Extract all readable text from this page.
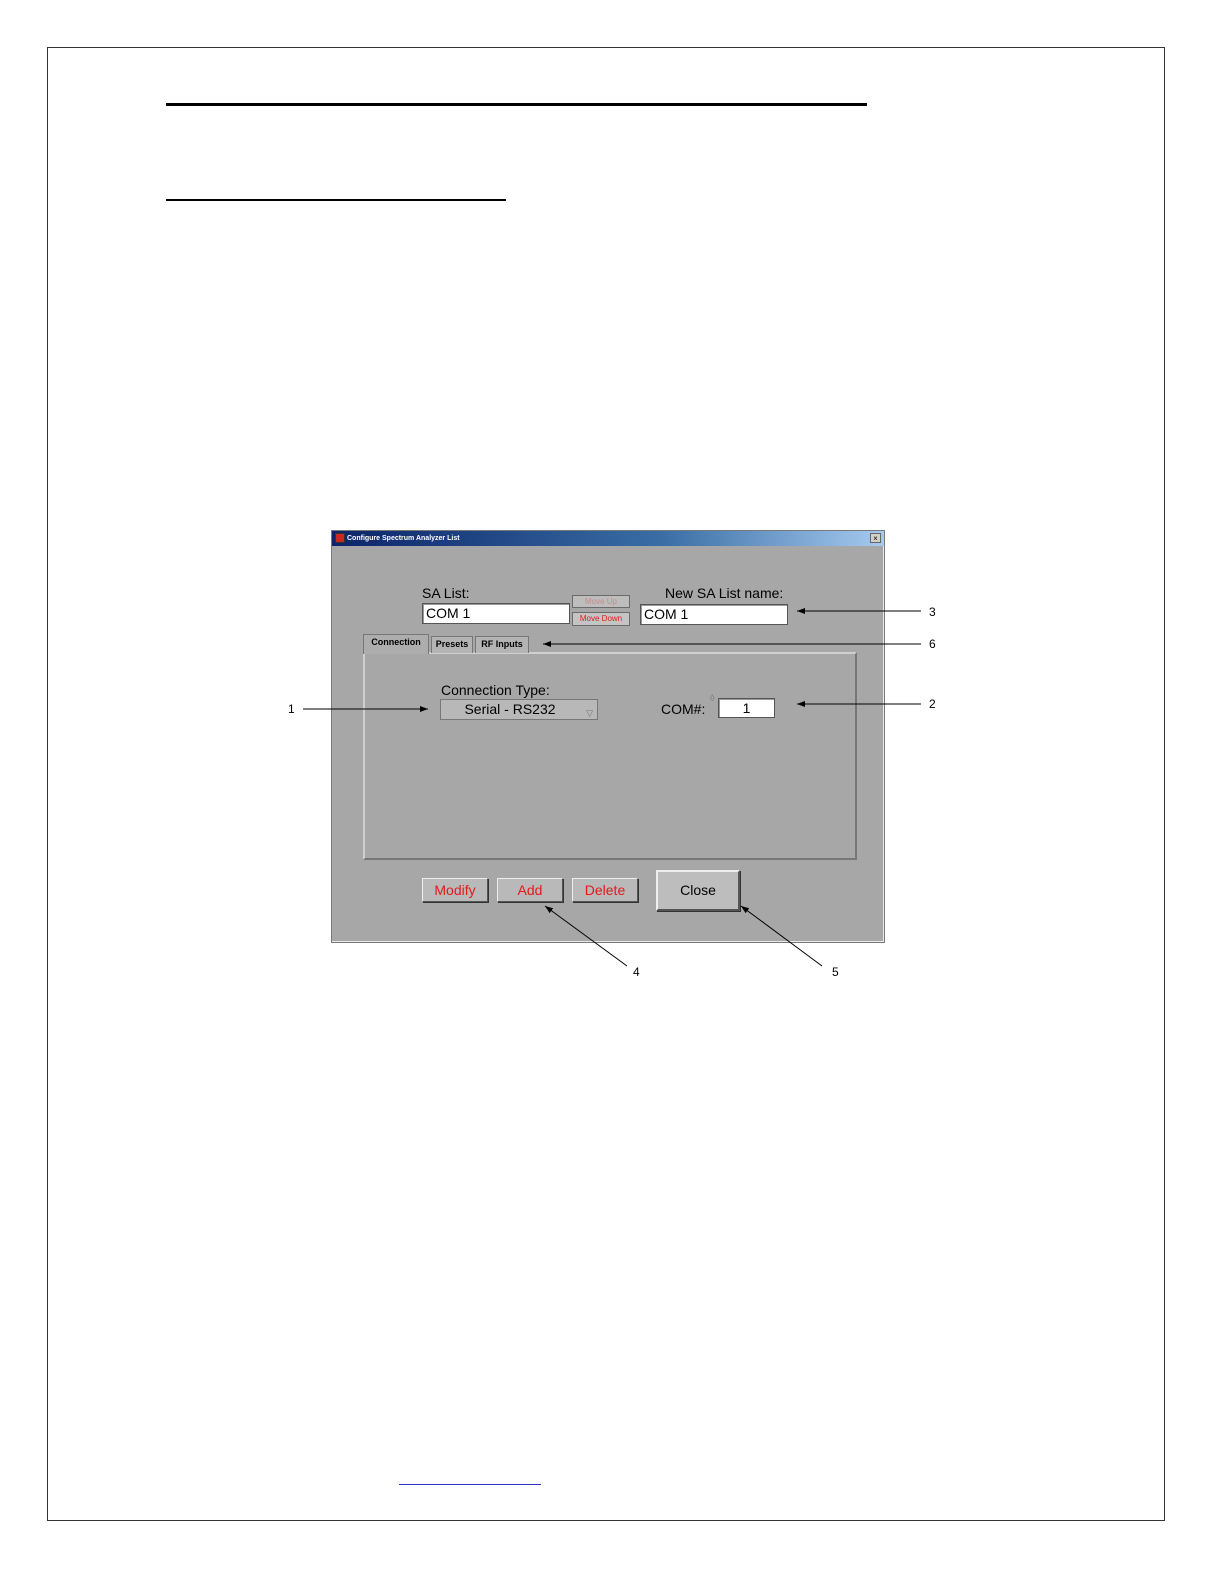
Configure Spectrum Analyzer List	×
SA List:
COM 1
Move Up
Move Down
New SA List name:
COM 1
Connection	Presets	RF Inputs
Connection Type:
Serial - RS232	▽	COM#:
◊
1
Modify	Add	Delete	Close
1	2
3
4	5
6
